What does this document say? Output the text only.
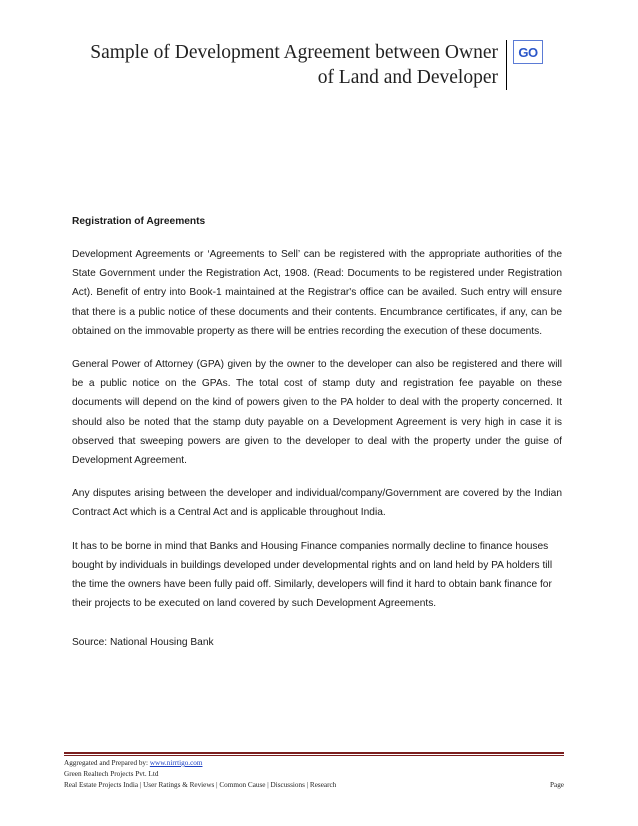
Sample of Development Agreement between Owner
of Land and Developer
GO
Registration of Agreements

Development Agreements or ‘Agreements to Sell’ can be registered with the appropriate authorities of the State Government under the Registration Act, 1908. (Read: Documents to be registered under Registration Act). Benefit of entry into Book-1 maintained at the Registrar's office can be availed. Such entry will ensure that there is a public notice of these documents and their contents. Encumbrance certificates, if any, can be obtained on the immovable property as there will be entries recording the execution of these documents.

General Power of Attorney (GPA) given by the owner to the developer can also be registered and there will be a public notice on the GPAs. The total cost of stamp duty and registration fee payable on these documents will depend on the kind of powers given to the PA holder to deal with the property concerned. It should also be noted that the stamp duty payable on a Development Agreement is very high in case it is observed that sweeping powers are given to the developer to deal with the property under the guise of Development Agreement.

Any disputes arising between the developer and individual/company/Government are covered by the Indian Contract Act which is a Central Act and is applicable throughout India.

It has to be borne in mind that Banks and Housing Finance companies normally decline to finance houses bought by individuals in buildings developed under developmental rights and on land held by PA holders till the time the owners have been fully paid off. Similarly, developers will find it hard to obtain bank finance for their projects to be executed on land covered by such Development Agreements.

Source: National Housing Bank
Aggregated and Prepared by: www.nirrtigo.com
Green Realtech Projects Pvt. Ltd
Real Estate Projects India | User Ratings & Reviews | Common Cause | Discussions | Research	Page
